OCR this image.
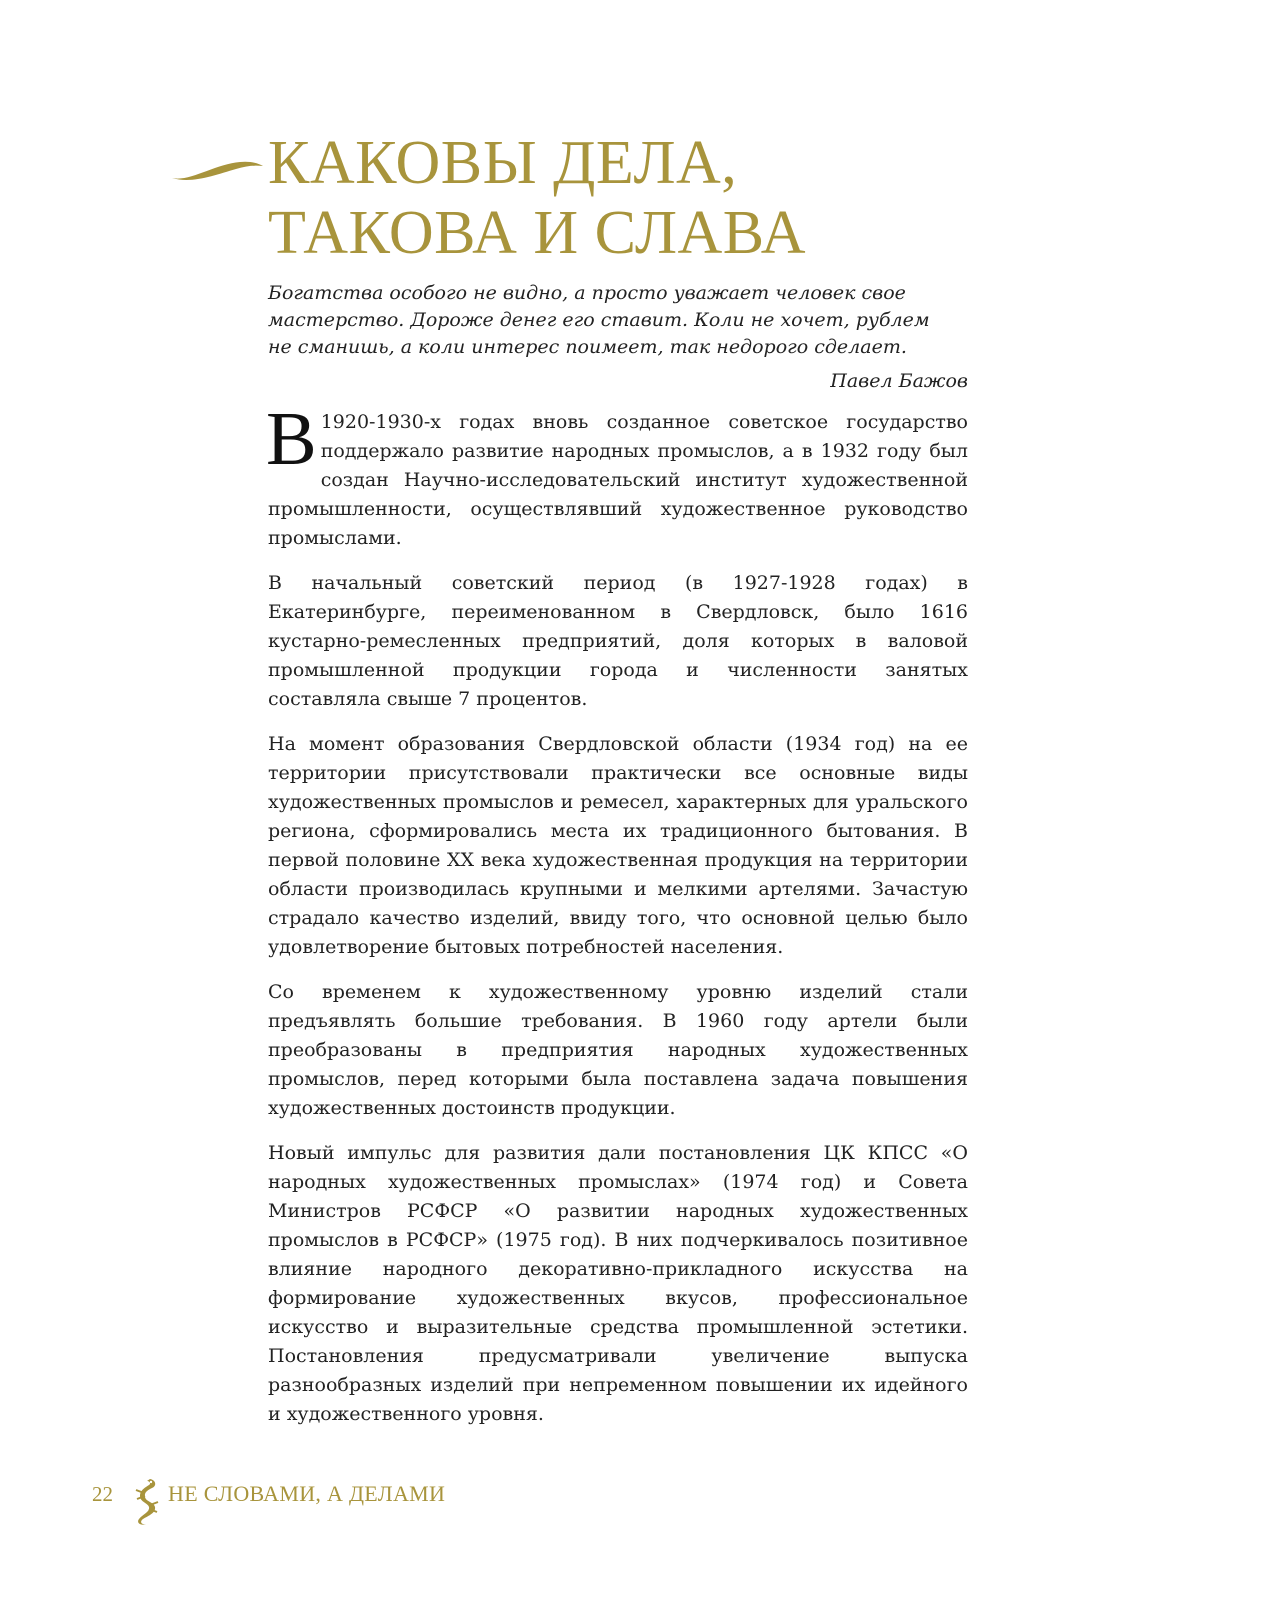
КАКОВЫ ДЕЛА,
ТАКОВА И СЛАВА

Богатства особого не видно, а просто уважает человек свое
мастерство. Дороже денег его ставит. Коли не хочет, рублем
не сманишь, а коли интерес поимеет, так недорого сделает.

Павел Бажов

В 1920-1930-х годах вновь созданное советское государство поддержало развитие народных промыслов, а в 1932 году был создан Научно-исследовательский институт художественной промышленности, осуществлявший художественное руководство промыслами.

В начальный советский период (в 1927-1928 годах) в Екатеринбурге, переименованном в Свердловск, было 1616 кустарно-ремесленных предприятий, доля которых в валовой промышленной продукции города и численности занятых составляла свыше 7 процентов.

На момент образования Свердловской области (1934 год) на ее территории присутствовали практически все основные виды художественных промыслов и ремесел, характерных для уральского региона, сформировались места их традиционного бытования. В первой половине XX века художественная продукция на территории области производилась крупными и мелкими артелями. Зачастую страдало качество изделий, ввиду того, что основной целью было удовлетворение бытовых потребностей населения.

Со временем к художественному уровню изделий стали предъявлять большие требования. В 1960 году артели были преобразованы в предприятия народных художественных промыслов, перед которыми была поставлена задача повышения художественных достоинств продукции.

Новый импульс для развития дали постановления ЦК КПСС «О народных художественных промыслах» (1974 год) и Совета Министров РСФСР «О развитии народных художественных промыслов в РСФСР» (1975 год). В них подчеркивалось позитивное влияние народного декоративно-прикладного искусства на формирование художественных вкусов, профессиональное искусство и выразительные средства промышленной эстетики. Постановления предусматривали увеличение выпуска разнообразных изделий при непременном повышении их идейного и художественного уровня.

22	НЕ СЛОВАМИ, А ДЕЛАМИ
